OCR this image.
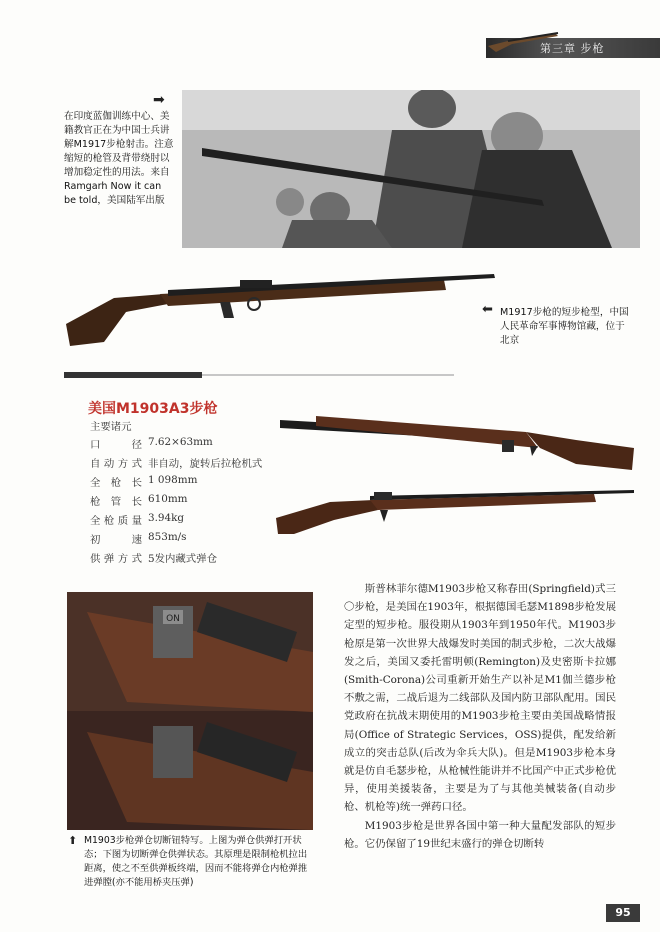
第三章 步枪
➡
在印度蓝伽训练中心、美籍教官正在为中国士兵讲解M1917步枪射击。注意缩短的枪管及背带绕肘以增加稳定性的用法。来自Ramgarh Now it can be told，美国陆军出版
⬅ M1917步枪的短步枪型，中国人民革命军事博物馆藏，位于北京
美国M1903A3步枪
主要诸元
口　径 7.62×63mm
自动方式 非自动，旋转后拉枪机式
全枪长 1 098mm
枪管长 610mm
全枪质量 3.94kg
初　速 853m/s
供弹方式 5发内藏式弹仓
ON
⬆ M1903步枪弹仓切断钮特写。上图为弹仓供弹打开状态；下图为切断弹仓供弹状态。其原理是限制枪机拉出距离，使之不至供弹板终端，因而不能将弹仓内枪弹推进弹膛(亦不能用桥夹压弹)

斯普林菲尔德M1903步枪又称春田(Springfield)式三〇步枪，是美国在1903年，根据德国毛瑟M1898步枪发展定型的短步枪。服役期从1903年到1950年代。M1903步枪原是第一次世界大战爆发时美国的制式步枪，二次大战爆发之后，美国又委托雷明顿(Remington)及史密斯卡拉娜(Smith-Corona)公司重新开始生产以补足M1伽兰德步枪不敷之需，二战后退为二线部队及国内防卫部队配用。国民党政府在抗战末期使用的M1903步枪主要由美国战略情报局(Office of Strategic Services，OSS)提供，配发给新成立的突击总队(后改为伞兵大队)。但是M1903步枪本身就是仿自毛瑟步枪，从枪械性能讲并不比国产中正式步枪优异，使用美援装备，主要是为了与其他美械装备(自动步枪、机枪等)统一弹药口径。

M1903步枪是世界各国中第一种大量配发部队的短步枪。它仍保留了19世纪末盛行的弹仓切断转

95
